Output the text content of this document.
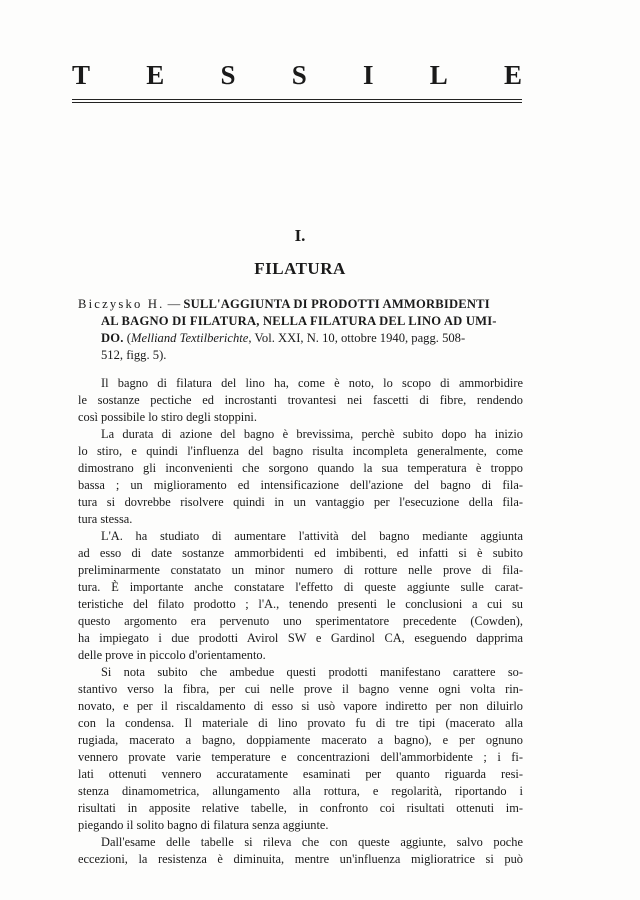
T E S S I L E
I.
FILATURA
Biczysko H. — SULL'AGGIUNTA DI PRODOTTI AMMORBIDENTI
AL BAGNO DI FILATURA, NELLA FILATURA DEL LINO AD UMI-
DO. (Melliand Textilberichte, Vol. XXI, N. 10, ottobre 1940, pagg. 508-
512, figg. 5).
Il bagno di filatura del lino ha, come è noto, lo scopo di ammorbidire
le sostanze pectiche ed incrostanti trovantesi nei fascetti di fibre, rendendo
così possibile lo stiro degli stoppini.
La durata di azione del bagno è brevissima, perchè subito dopo ha inizio
lo stiro, e quindi l'influenza del bagno risulta incompleta generalmente, come
dimostrano gli inconvenienti che sorgono quando la sua temperatura è troppo
bassa ; un miglioramento ed intensificazione dell'azione del bagno di fila-
tura si dovrebbe risolvere quindi in un vantaggio per l'esecuzione della fila-
tura stessa.
L'A. ha studiato di aumentare l'attività del bagno mediante aggiunta
ad esso di date sostanze ammorbidenti ed imbibenti, ed infatti si è subito
preliminarmente constatato un minor numero di rotture nelle prove di fila-
tura. È importante anche constatare l'effetto di queste aggiunte sulle carat-
teristiche del filato prodotto ; l'A., tenendo presenti le conclusioni a cui su
questo argomento era pervenuto uno sperimentatore precedente (Cowden),
ha impiegato i due prodotti Avirol SW e Gardinol CA, eseguendo dapprima
delle prove in piccolo d'orientamento.
Si nota subito che ambedue questi prodotti manifestano carattere so-
stantivo verso la fibra, per cui nelle prove il bagno venne ogni volta rin-
novato, e per il riscaldamento di esso si usò vapore indiretto per non diluirlo
con la condensa. Il materiale di lino provato fu di tre tipi (macerato alla
rugiada, macerato a bagno, doppiamente macerato a bagno), e per ognuno
vennero provate varie temperature e concentrazioni dell'ammorbidente ; i fi-
lati ottenuti vennero accuratamente esaminati per quanto riguarda resi-
stenza dinamometrica, allungamento alla rottura, e regolarità, riportando i
risultati in apposite relative tabelle, in confronto coi risultati ottenuti im-
piegando il solito bagno di filatura senza aggiunte.
Dall'esame delle tabelle si rileva che con queste aggiunte, salvo poche
eccezioni, la resistenza è diminuita, mentre un'influenza miglioratrice si può
